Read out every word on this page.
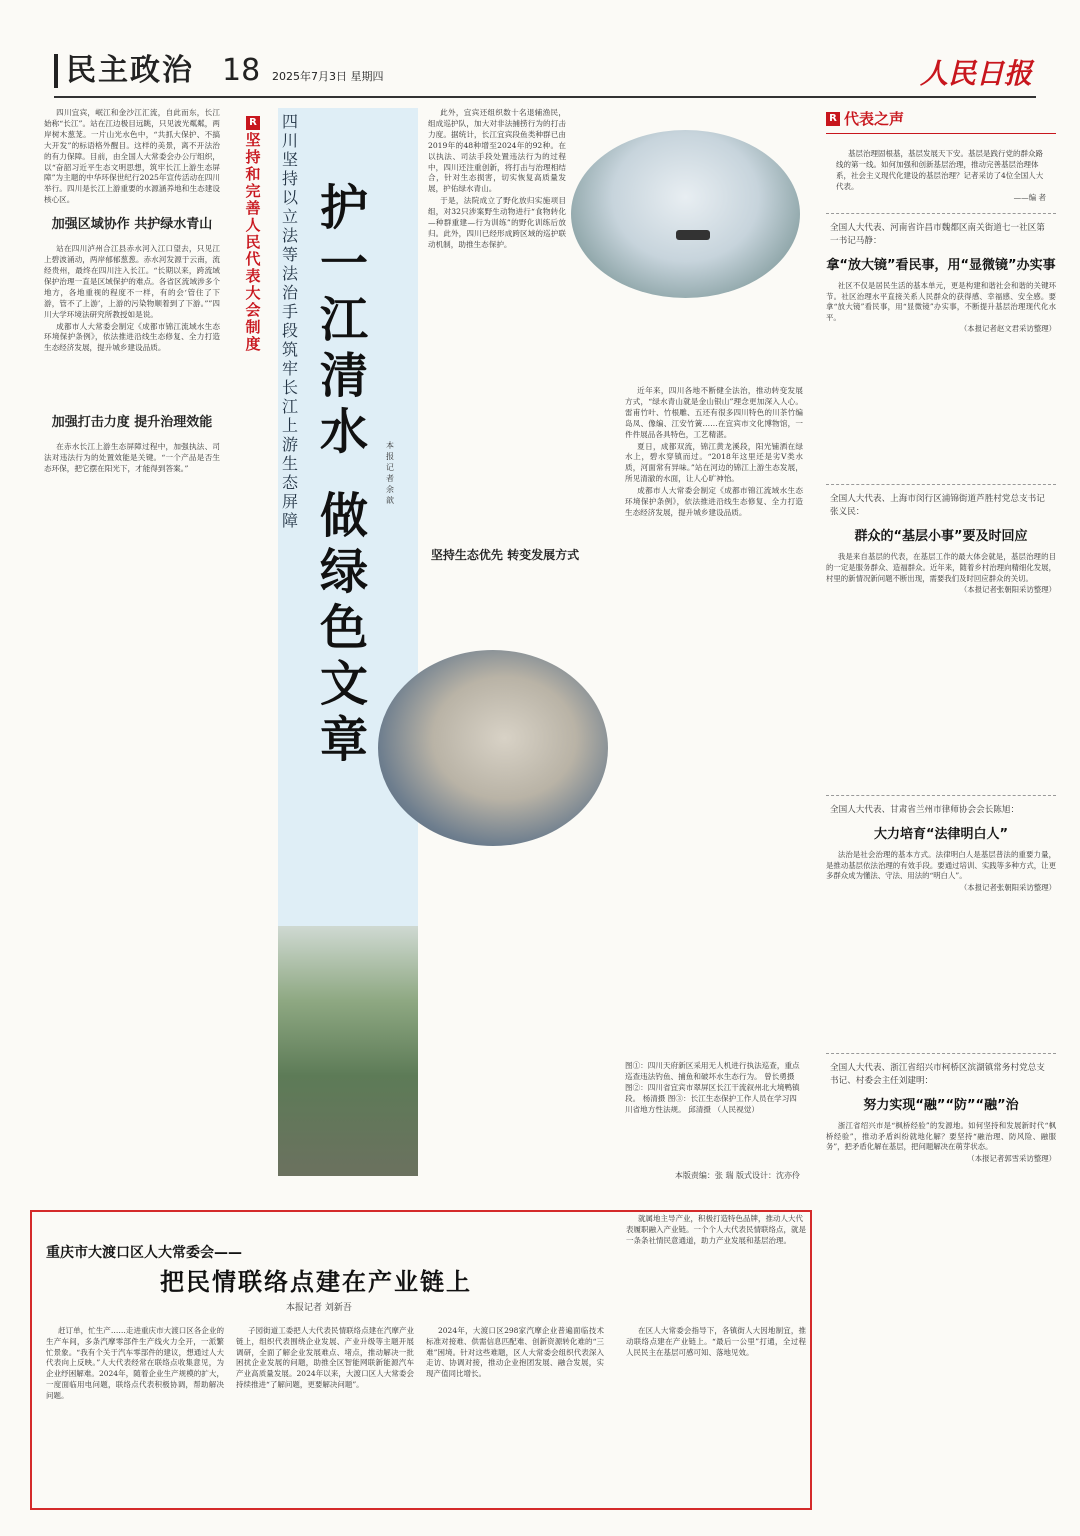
民主政治 18 2025年7月3日 星期四	人民日报

四川宜宾，岷江和金沙江汇流，自此而东，长江始称“长江”。站在江边极目远眺，只见波光粼粼，两岸树木葱茏。一片山光水色中，“共抓大保护、不搞大开发”的标语格外醒目。这样的美景，离不开法治的有力保障。目前，由全国人大常委会办公厅组织，以“奋韶习近平生态文明思想，筑牢长江上游生态屏障”为主题的中华环保世纪行2025年宣传活动在四川举行。四川是长江上游重要的水源涵养地和生态建设核心区。

加强区域协作 共护绿水青山

站在四川泸州合江县赤水河入江口望去，只见江上碧波涌动，两岸郁郁葱葱。赤水河发源于云南，流经贵州，最终在四川注入长江。“长期以来，跨流域保护治理一直是区域保护的难点。各省区流域涉多个地方，各地重视的程度不一样，有的会‘管住了下游，管不了上游’，上游的污染物顺着到了下游。””四川大学环境法研究所教授如是说。

成都市人大常委会制定《成都市锦江流域水生态环境保护条例》，依法推进沿线生态修复、全力打造生态经济发展，提升城乡建设品质。

加强打击力度 提升治理效能

在赤水长江上游生态屏障过程中，加强执法、司法对违法行为的处置效能是关键。“一个产品是否生态环保，把它摆在阳光下，才能得到答案。”

R
坚持和完善人民代表大会制度
四川坚持以立法等法治手段筑牢长江上游生态屏障
护一江清水
做绿色文章
本报记者 余 歆

此外，宜宾还组织数十名退辅渔民，组成巡护队，加大对非法捕捞行为的打击力度。据统计，长江宜宾段鱼类种群已由2019年的48种增至2024年的92种。在以执法、司法手段处置违法行为的过程中，四川还注重创新，将打击与治理相结合，针对生态损害，切实恢复高质量发展，护佑绿水青山。

于是，法院成立了野化放归实施项目组，对32只涉案野生动物进行“食物转化—种群重建—行为训练”的野化训练后放归。此外，四川已经形成跨区域的巡护联动机制，助推生态保护。

坚持生态优先 转变发展方式

近年来，四川各地不断健全法治，推动转变发展方式，“绿水青山就是金山银山”理念更加深入人心。雷甫竹叶、竹根雕、五还有很多四川特色的川茶竹编岛凤、像编、江安竹簧……在宜宾市文化博物馆，一件件展品各具特色，工艺精湛。

夏日，成都双流，锦江黄龙溪段，阳光铺洒在绿水上，碧水穿镇而过。“2018年这里还是劣V类水质，河面常有异味。”站在河边的锦江上游生态发展，所见清澈的水面，让人心旷神怡。

成都市人大常委会制定《成都市锦江流域水生态环境保护条例》，依法推进沿线生态修复、全力打造生态经济发展，提升城乡建设品质。

图①：四川天府新区采用无人机进行执法巡查，重点巡查违法钓鱼、捕鱼和破坏水生态行为。 曾长勇摄 图②：四川省宜宾市翠屏区长江干流叙州北大境鸭镇段。 杨清摄 图③：长江生态保护工作人员在学习四川省地方性法规。 邱清摄 （人民视觉）
本版责编：张 瑞 版式设计：沈亦伶
R 代表之声
基层治理固根基，基层发展天下安。基层是践行党的群众路线的第一线。如何加强和创新基层治理，推动完善基层治理体系，社会主义现代化建设的基层治理？记者采访了4位全国人大代表。
——编 者
全国人大代表、河南省许昌市魏都区南关街道七一社区第一书记马静：
拿“放大镜”看民事，用“显微镜”办实事
社区不仅是居民生活的基本单元，更是构建和谐社会和谐的关键环节。社区治理水平直接关系人民群众的获得感、幸福感、安全感。要拿“放大镜”看民事，用“显微镜”办实事，不断提升基层治理现代化水平。
（本报记者赵文君采访整理）
全国人大代表、上海市闵行区浦锦街道芦胜村党总支书记张义民：
群众的“基层小事”要及时回应
我是来自基层的代表，在基层工作的最大体会就是，基层治理的目的一定是服务群众、造福群众。近年来，随着乡村治理向精细化发展，村里的新情况新问题不断出现，需要我们及时回应群众的关切。
（本报记者张朝阳采访整理）
全国人大代表、甘肃省兰州市律师协会会长陈旭：
大力培育“法律明白人”
法治是社会治理的基本方式。法律明白人是基层普法的重要力量，是推动基层依法治理的有效手段。要通过培训、实践等多种方式，让更多群众成为懂法、守法、用法的“明白人”。
（本报记者张朝阳采访整理）
全国人大代表、浙江省绍兴市柯桥区滨湖镇常务村党总支书记、村委会主任刘建明：
努力实现“融”“防”“融”治
浙江省绍兴市是“枫桥经验”的发源地。如何坚持和发展新时代“枫桥经验”，推动矛盾纠纷就地化解？要坚持“融治理、防风险、融服务”，把矛盾化解在基层，把问题解决在萌芽状态。
（本报记者郭雪采访整理）
重庆市大渡口区人大常委会——
把民情联络点建在产业链上
本报记者 刘新吾
就属地主导产业，积极打造特色品牌，推动人大代表履职融入产业链。一个个人大代表民情联络点，就是一条条社情民意通道，助力产业发展和基层治理。

赶订单，忙生产……走进重庆市大渡口区各企业的生产车间，多条汽摩零部件生产线火力全开，一派繁忙景象。“我有个关于汽车零部件的建议，想通过人大代表向上反映。”人大代表经常在联络点收集意见，为企业纾困解难。2024年，随着企业生产规模的扩大，一度面临用电问题，联络点代表积极协调，帮助解决问题。

子园街道工委把人大代表民情联络点建在汽摩产业链上，组织代表围绕企业发展、产业升级等主题开展调研，全面了解企业发展难点、堵点，推动解决一批困扰企业发展的问题，助推全区智能网联新能源汽车产业高质量发展。2024年以来，大渡口区人大常委会持续推进“了解问题，更要解决问题”。

2024年，大渡口区298家汽摩企业普遍面临技术标准对接难、供需信息匹配难、创新资源转化难的“三难”困境。针对这些难题，区人大常委会组织代表深入走访、协调对接，推动企业抱团发展、融合发展，实现产值同比增长。

在区人大常委会指导下，各镇街人大因地制宜，推动联络点建在产业链上。“最后一公里”打通，全过程人民民主在基层可感可知、落地见效。
